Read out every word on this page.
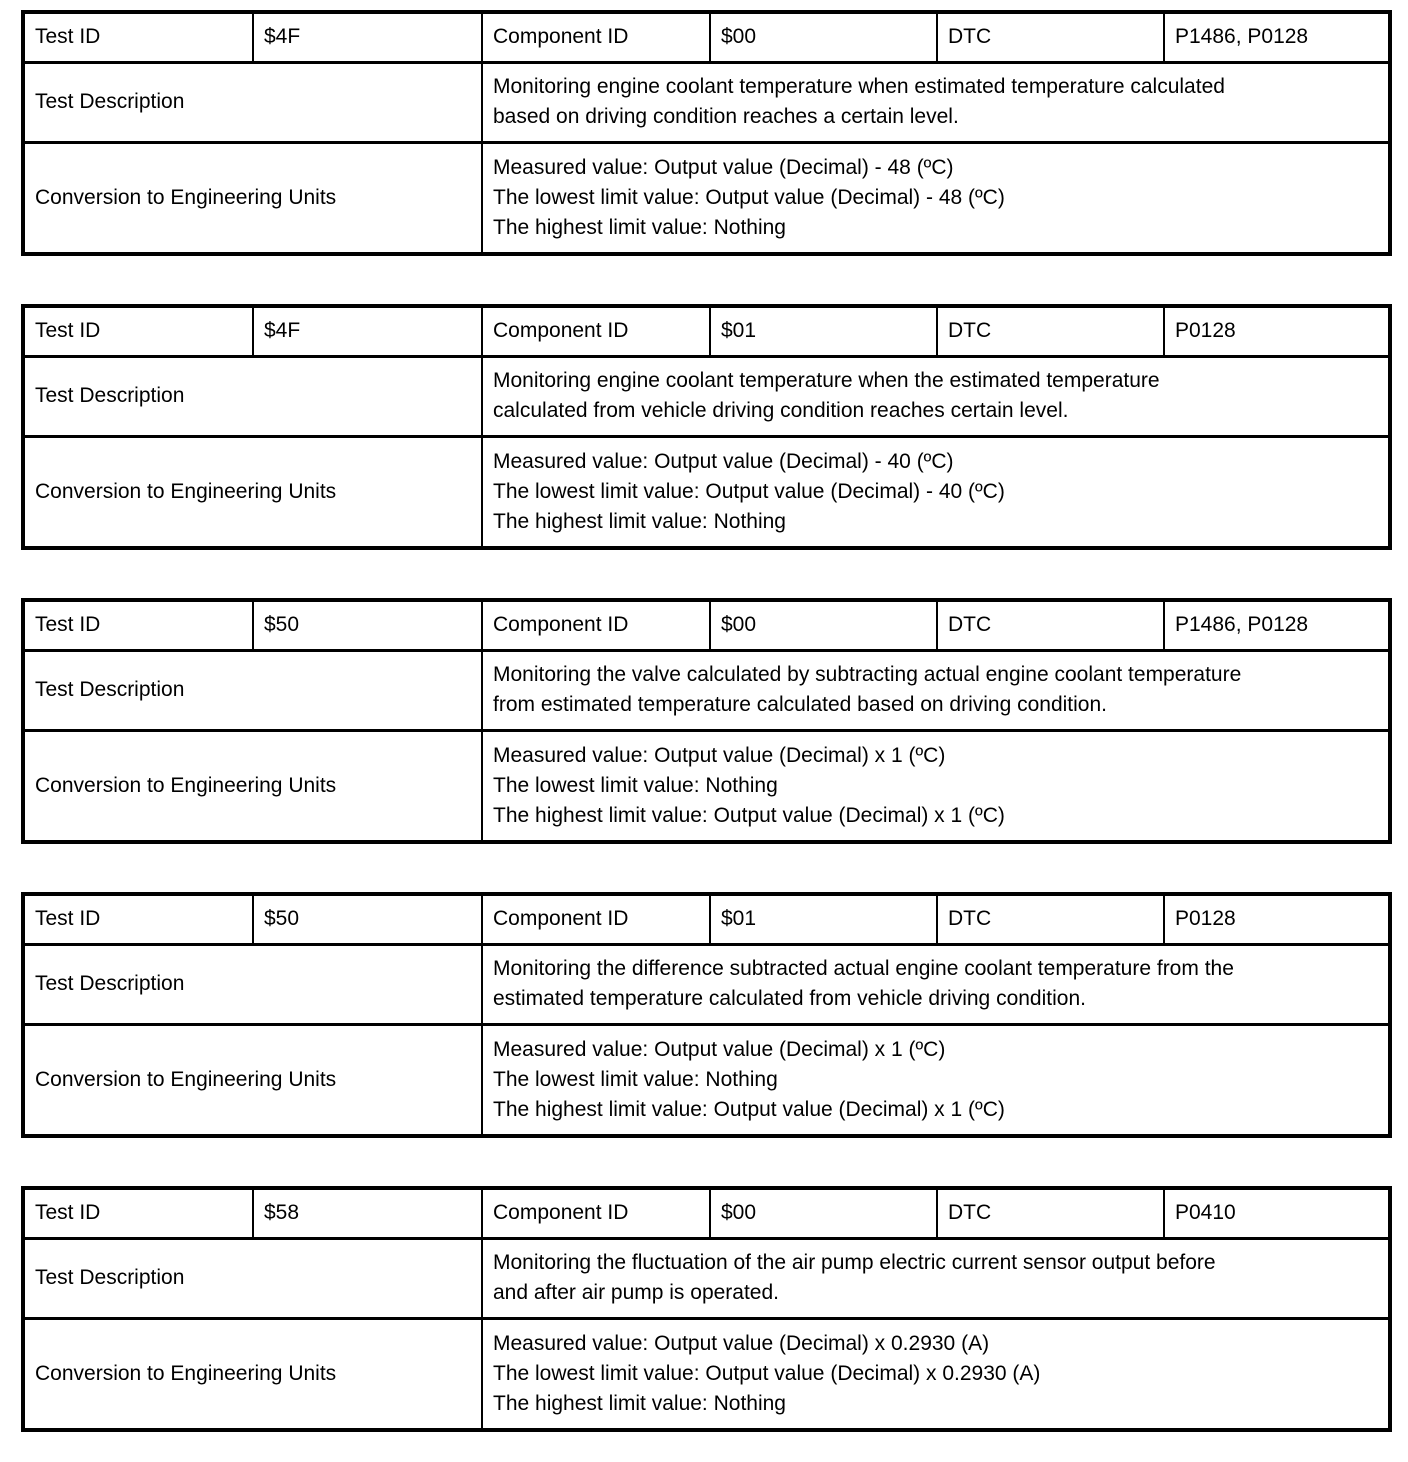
Test ID	$4F	Component ID	$00	DTC	P1486, P0128
Test Description		Monitoring engine coolant temperature when estimated temperature calculated
based on driving condition reaches a certain level.			

Conversion to Engineering Units		Measured value: Output value (Decimal) - 48 (ºC)
The lowest limit value: Output value (Decimal) - 48 (ºC)
The highest limit value: Nothing			
Test ID	$4F	Component ID	$01	DTC	P0128
Test Description		Monitoring engine coolant temperature when the estimated temperature
calculated from vehicle driving condition reaches certain level.			

Conversion to Engineering Units		Measured value: Output value (Decimal) - 40 (ºC)
The lowest limit value: Output value (Decimal) - 40 (ºC)
The highest limit value: Nothing			
Test ID	$50	Component ID	$00	DTC	P1486, P0128
Test Description		Monitoring the valve calculated by subtracting actual engine coolant temperature
from estimated temperature calculated based on driving condition.			

Conversion to Engineering Units		Measured value: Output value (Decimal) x 1 (ºC)
The lowest limit value: Nothing
The highest limit value: Output value (Decimal) x 1 (ºC)			
Test ID	$50	Component ID	$01	DTC	P0128
Test Description		Monitoring the difference subtracted actual engine coolant temperature from the
estimated temperature calculated from vehicle driving condition.			

Conversion to Engineering Units		Measured value: Output value (Decimal) x 1 (ºC)
The lowest limit value: Nothing
The highest limit value: Output value (Decimal) x 1 (ºC)			
Test ID	$58	Component ID	$00	DTC	P0410
Test Description		Monitoring the fluctuation of the air pump electric current sensor output before
and after air pump is operated.			

Conversion to Engineering Units		Measured value: Output value (Decimal) x 0.2930 (A)
The lowest limit value: Output value (Decimal) x 0.2930 (A)
The highest limit value: Nothing			
